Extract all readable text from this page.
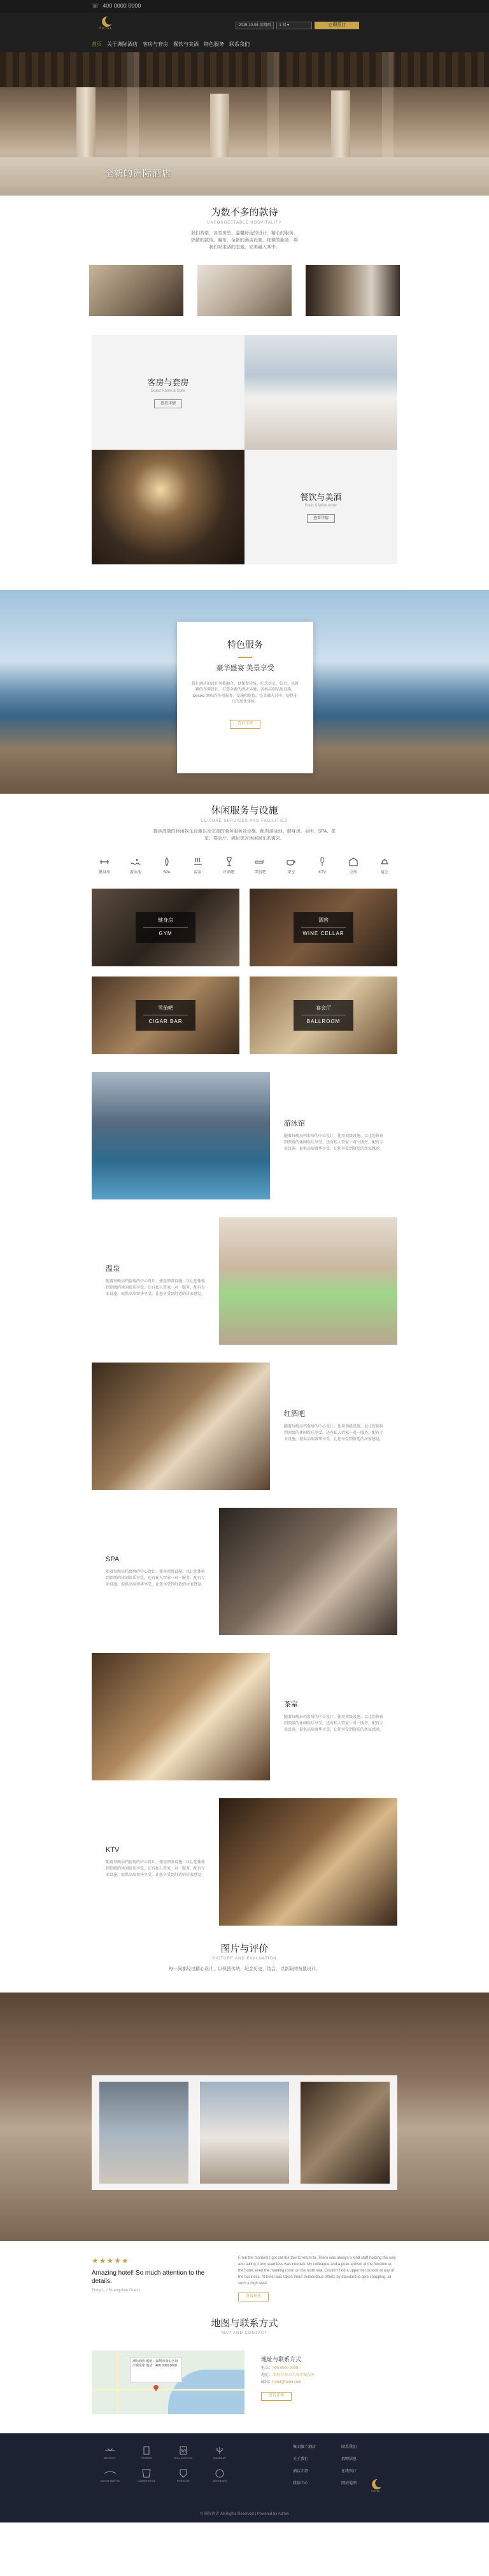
☏ 400 0000 0000
HOTEL
首页 关于洲际酒店 客房与套房 餐饮与美酒 特色服务 联系我们
2015-10-08 星期四 1 间
▾	立即预订
全新的洲际酒店
为数不多的款待
UNFORGETTABLE HOSPITALITY
我们希望，各类房型，温馨舒适的设计，精心的服务，热情的款待。遍布，全新的酒店设施，细微的服务，将我们对生活的态度，完美融入其中。
客房与套房
Guest Room & Suite
查看详情
餐饮与美酒
Food & Wine order
查看详情
特色服务
豪华盛宴 美景享受

我们酒店的设计风格融合，以保留传统，纪念历史，结合，以新颖的布置设计，打造全新的酒店环境。各类高端品质设施，Deluxe 酒店的各项服务，设施和价值，完美融入其中，提供非凡的居住体验。

查看详情
休闲服务与设施
LEISURE SERVICES AND FACILITIES
提供高端的休闲娱乐设施以及完善的商务服务及设施，配有游泳池、健身房、会所、SPA、茶室、宴会厅，满足您对休闲娱乐的需求。
健身房	游泳池	SPA	温泉	红酒吧	雪茄吧	茶室	KTV	会所	宴会
健身房
GYM
酒窖
WINE CELLAR
雪茄吧
CIGAR BAR
宴会厅
BALLROOM
游泳馆

随着每晚高档套房的中心设计，使用顶级设施，以让您体验到顶级的休闲娱乐享受，还有私人管家一对一服务，配有专业设施，提供高端奢华享受，让您享受到舒适的居家感觉。

温泉

随着每晚高档套房的中心设计，使用顶级设施，以让您体验到顶级的休闲娱乐享受，还有私人管家一对一服务，配有专业设施，提供高端奢华享受，让您享受到舒适的居家感觉。

红酒吧

随着每晚高档套房的中心设计，使用顶级设施，以让您体验到顶级的休闲娱乐享受，还有私人管家一对一服务，配有专业设施，提供高端奢华享受，让您享受到舒适的居家感觉。

SPA

随着每晚高档套房的中心设计，使用顶级设施，以让您体验到顶级的休闲娱乐享受，还有私人管家一对一服务，配有专业设施，提供高端奢华享受，让您享受到舒适的居家感觉。

茶室

随着每晚高档套房的中心设计，使用顶级设施，以让您体验到顶级的休闲娱乐享受，还有私人管家一对一服务，配有专业设施，提供高端奢华享受，让您享受到舒适的居家感觉。

KTV

随着每晚高档套房的中心设计，使用顶级设施，以让您体验到顶级的休闲娱乐享受，还有私人管家一对一服务，配有专业设施，提供高端奢华享受，让您享受到舒适的居家感觉。

图片与评价
PICTURE AND EVALUATION
每一间都经过精心设计，以保留传统，纪念历史，结合，以新颖的布置设计。
★★★★★
Amazing hotel! So much attention to the details.
Tracy L. / Guangzhou Guest
From the moment I got out the taxi to return to. There was always a kind staff holding the way and taking it any seamless was needed. My colleague and a peak arrived at the function at the hotel, even the meeting room on the ninth sea. Couldn't find a upper tier or look at any of the business. At hotel was taken there tremendous efforts by standard to give shopping, all such a high level.
查看更多
地图与联系方式
MAP AND CONTACT
洲际酒店 地址：深圳市南山区海岸城东座 电话：400 0000 0000
地址与联系方式
电话：400 0000 0000
地址：深圳市南山区海岸城东座
邮箱：hotel@hotel.com
查看详情
BENTLEY	FERRARI
RR
ROLLS-ROYCE	MASERATI
ASTON MARTIN	LAMBORGHINI	PORSCHE	MERCEDES
集团旗下酒店
关于我们
酒店介绍
媒体中心
联系我们
招聘信息
在线预订
网站地图
HOTEL
© 洲际酒店 All Rights Reserved | Powered by Admin
